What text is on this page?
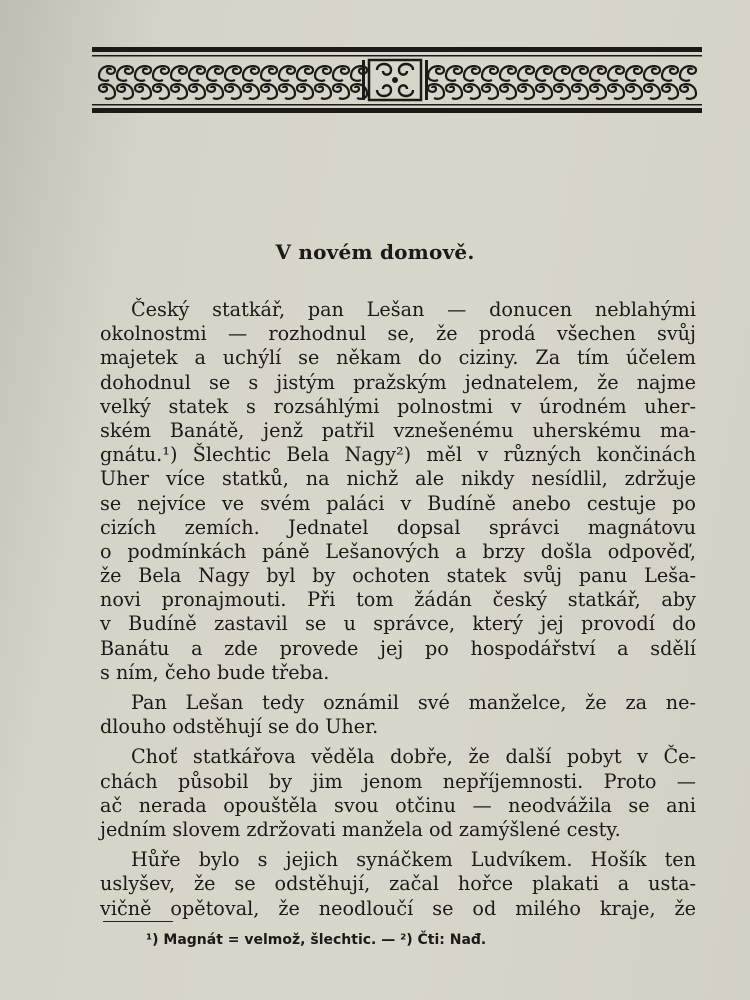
V novém domově.
Český statkář, pan Lešan — donucen neblahými
okolnostmi — rozhodnul se, že prodá všechen svůj
majetek a uchýlí se někam do ciziny. Za tím účelem
dohodnul se s jistým pražským jednatelem, že najme
velký statek s rozsáhlými polnostmi v úrodném uher-
ském Banátě, jenž patřil vznešenému uherskému ma-
gnátu.¹) Šlechtic Bela Nagy²) měl v různých končinách
Uher více statků, na nichž ale nikdy nesídlil, zdržuje
se nejvíce ve svém paláci v Budíně anebo cestuje po
cizích zemích. Jednatel dopsal správci magnátovu
o podmínkách páně Lešanových a brzy došla odpověď,
že Bela Nagy byl by ochoten statek svůj panu Leša-
novi pronajmouti. Při tom žádán český statkář, aby
v Budíně zastavil se u správce, který jej provodí do
Banátu a zde provede jej po hospodářství a sdělí
s ním, čeho bude třeba.
Pan Lešan tedy oznámil své manželce, že za ne-
dlouho odstěhují se do Uher.
Choť statkářova věděla dobře, že další pobyt v Če-
chách působil by jim jenom nepříjemnosti. Proto —
ač nerada opouštěla svou otčinu — neodvážila se ani
jedním slovem zdržovati manžela od zamýšlené cesty.
Hůře bylo s jejich synáčkem Ludvíkem. Hošík ten
uslyšev, že se odstěhují, začal hořce plakati a usta-
vičně opětoval, že neodloučí se od milého kraje, že
¹) Magnát = velmož, šlechtic. — ²) Čti: Nađ.
